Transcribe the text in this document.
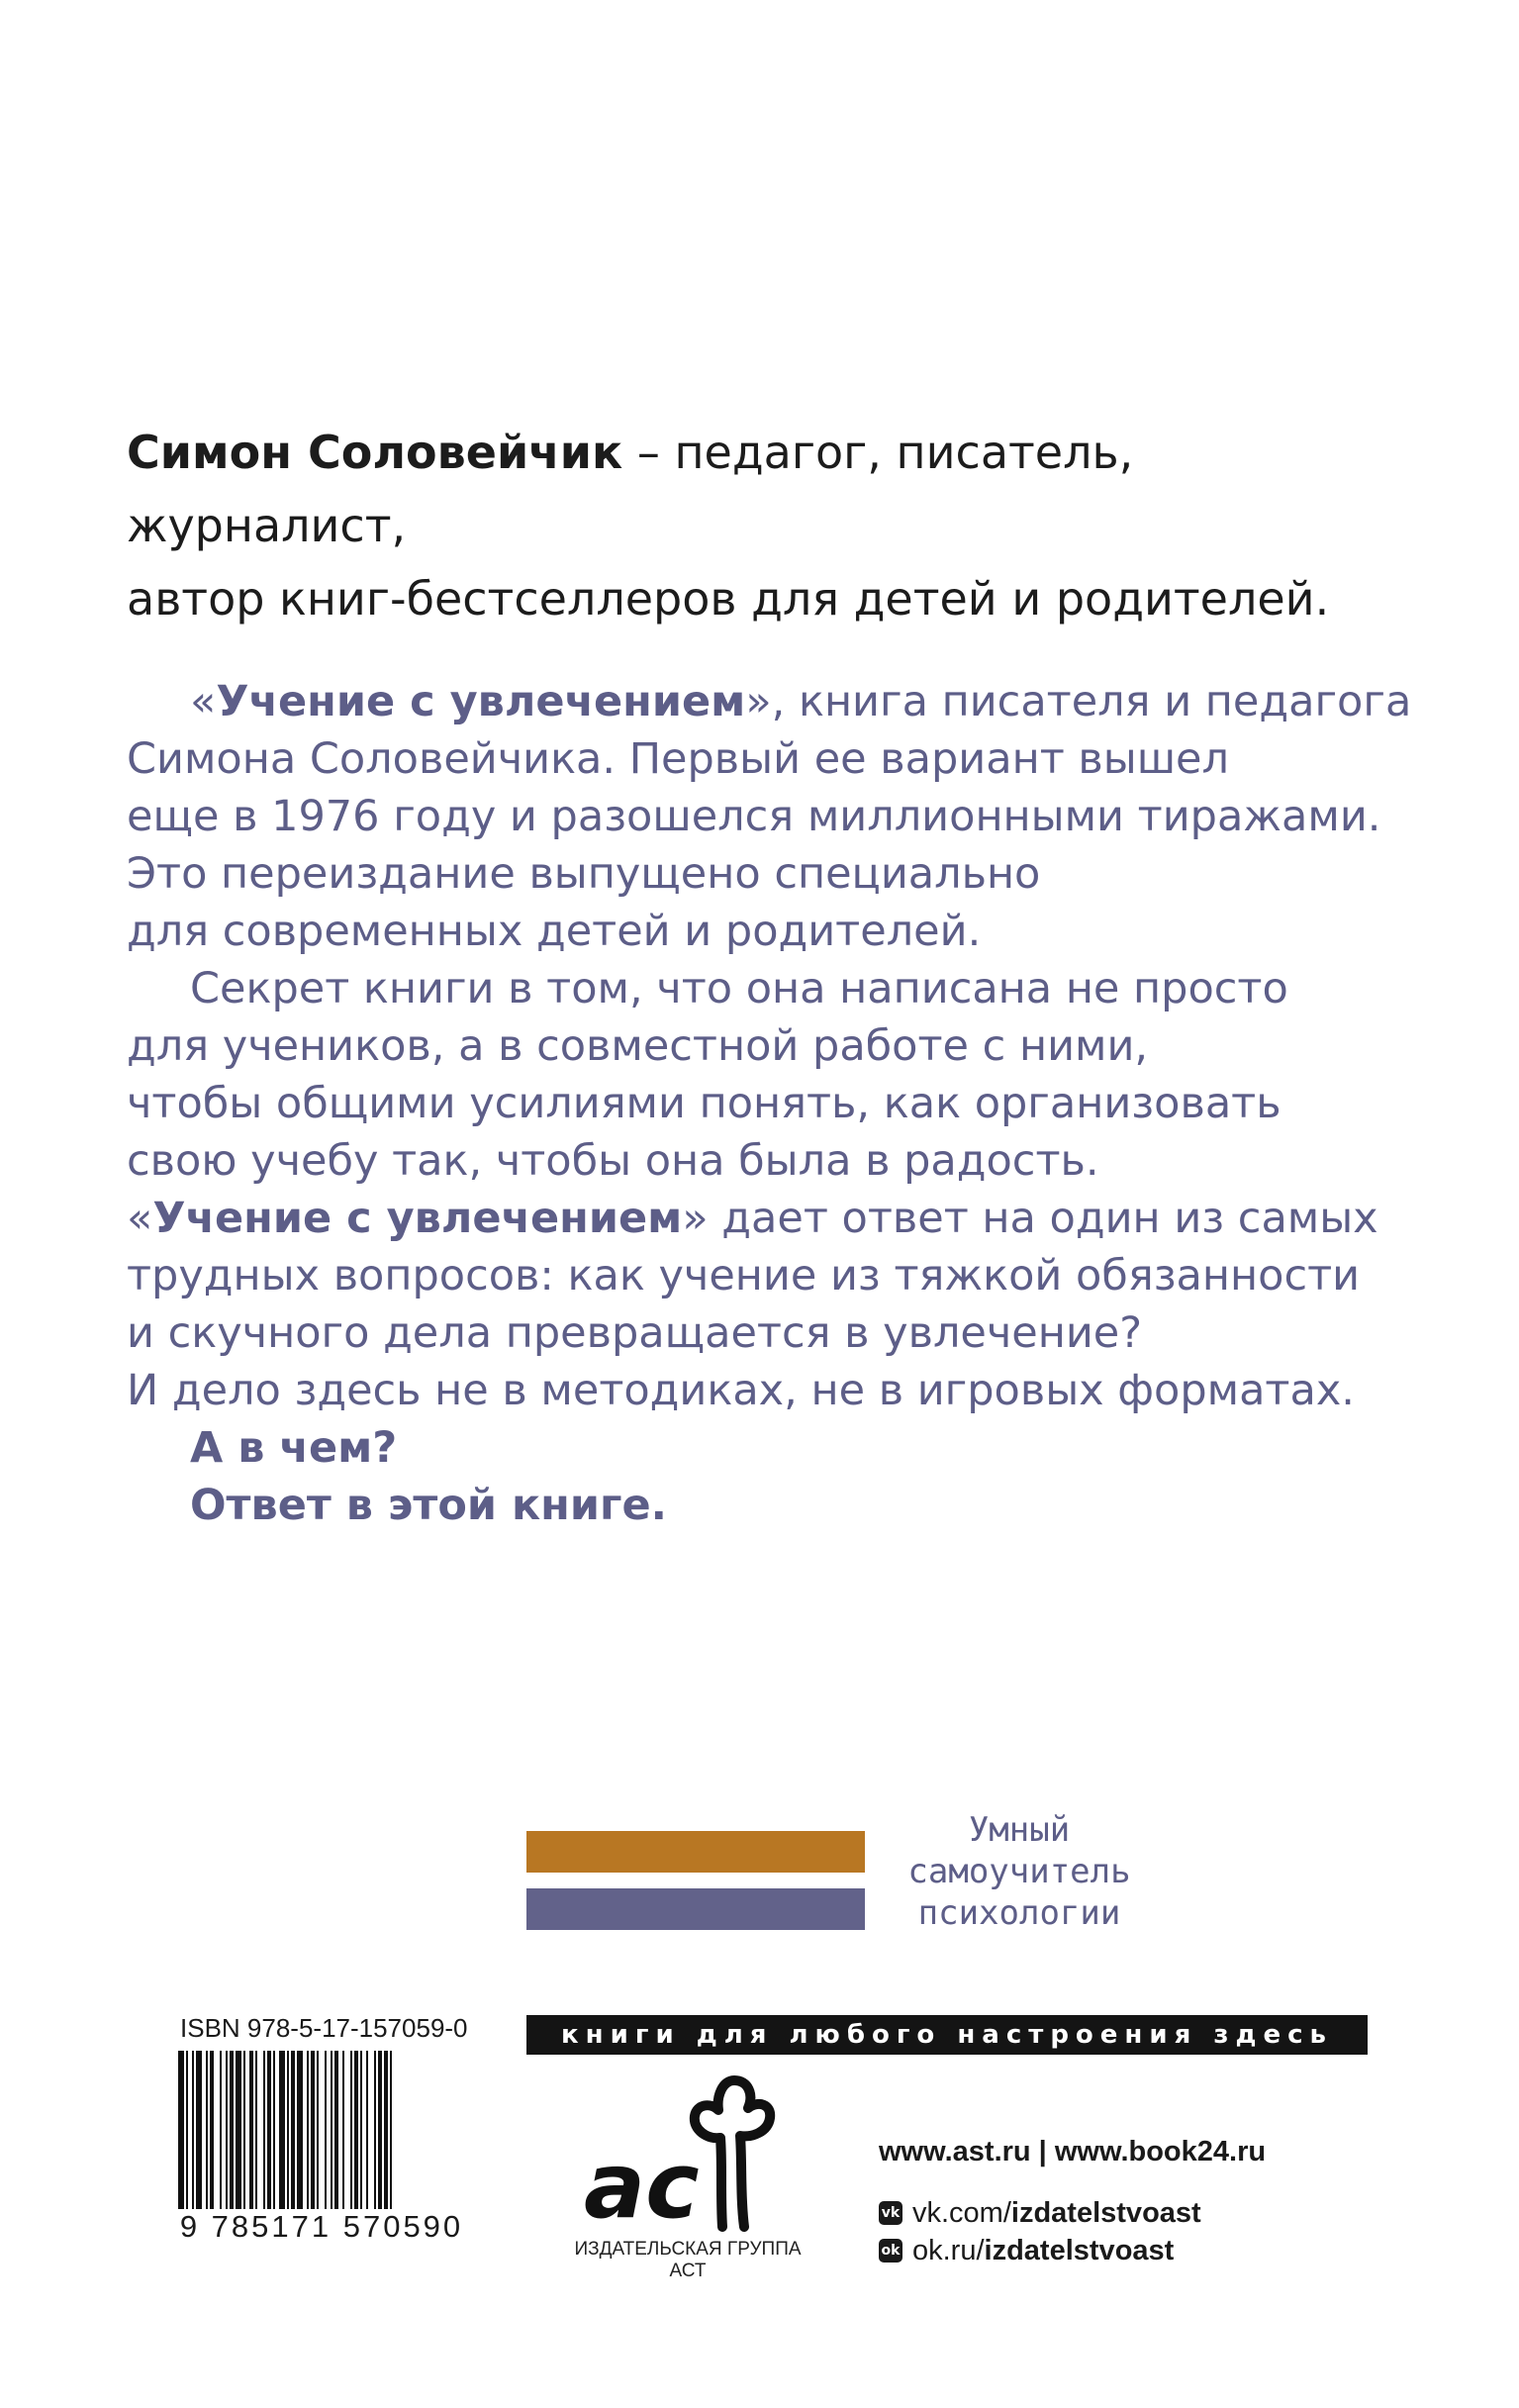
Симон Соловейчик – педагог, писатель, журналист,
автор книг-бестселлеров для детей и родителей.

«Учение с увлечением», книга писателя и педагога

Симона Соловейчика. Первый ее вариант вышел

еще в 1976 году и разошелся миллионными тиражами.

Это переиздание выпущено специально

для современных детей и родителей.

Секрет книги в том, что она написана не просто

для учеников, а в совместной работе с ними,

чтобы общими усилиями понять, как организовать

свою учебу так, чтобы она была в радость.

«Учение с увлечением» дает ответ на один из самых

трудных вопросов: как учение из тяжкой обязанности

и скучного дела превращается в увлечение?

И дело здесь не в методиках, не в игровых форматах.

А в чем?

Ответ в этой книге.

Умный
самоучитель
психологии
ISBN 978-5-17-157059-0
9 785171 570590
книги для любого настроения здесь
ac
ИЗДАТЕЛЬСКАЯ ГРУППА АСТ
www.ast.ru | www.book24.ru
vk vk.com/ izdatelstvoast
ok ok.ru/ izdatelstvoast
